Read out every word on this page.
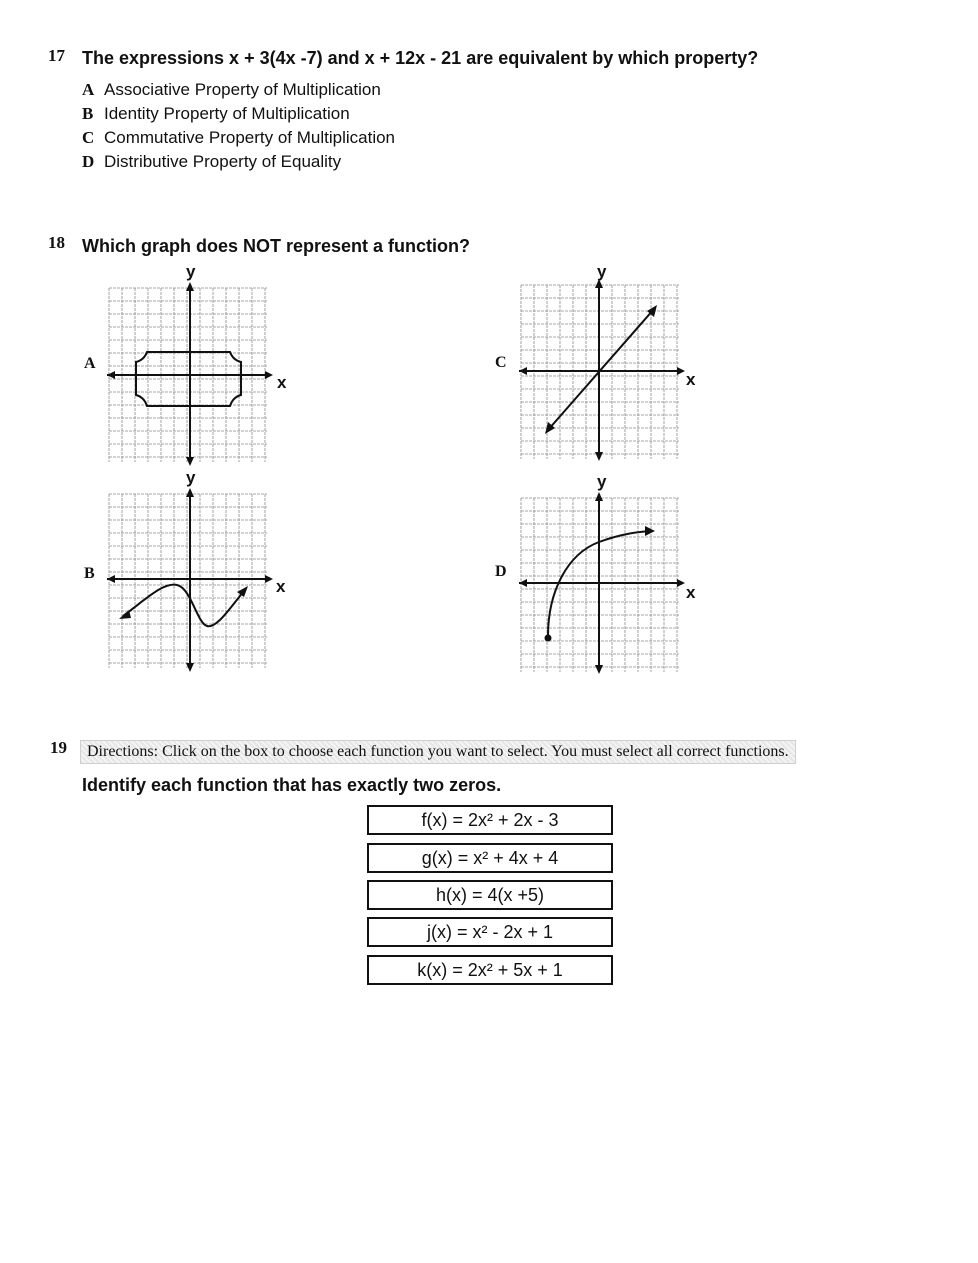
17 The expressions x + 3(4x -7) and x + 12x - 21 are equivalent by which property?
A Associative Property of Multiplication
B Identity Property of Multiplication
C Commutative Property of Multiplication
D Distributive Property of Equality
18 Which graph does NOT represent a function?
A
B
C
D
y
x
y
x
y
x
y
x
19	Directions: Click on the box to choose each function you want to select. You must select all correct functions.
Identify each function that has exactly two zeros.
f(x) = 2x² + 2x - 3
g(x) = x² + 4x + 4
h(x) = 4(x +5)
j(x) = x² - 2x + 1
k(x) = 2x² + 5x + 1
